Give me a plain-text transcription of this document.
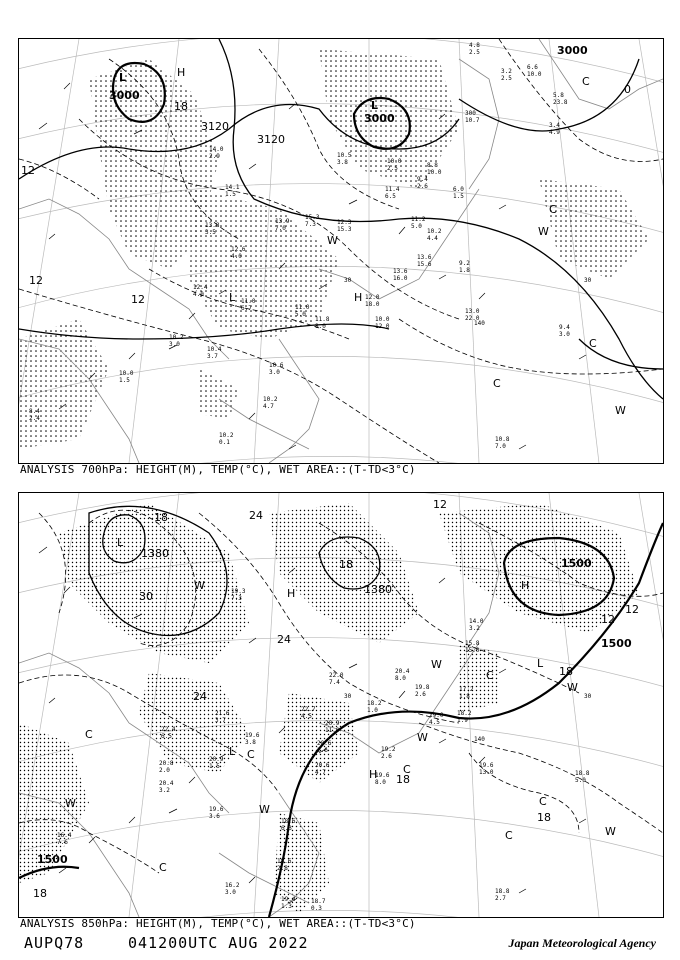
140
30	30
3000
3000
3000
3120
3120
12
12
18
0
12
L	H
L
L	H
W
C
W
C
C
W
C
13.0
22.0
9.4
3.0
10.8
7.0
10.2
3.0
10.4
3.7
10.6
3.0
10.2
0.1
11.8
8.0
10.0
12.0
12.0
18.0
14.0
2.9
13.9
7.0
15.3
7.3	12.3
15.3
10.5
3.8
11.4
6.5
9.4
2.6
10.2
4.4
11.2
5.0
13.6
16.0
6.6
10.0
5.8
23.8
3.4
4.9
4.8
2.5
3.2
2.5
9.2
1.8
10.0
2.5	8.8
10.0
13.8
3.5
12.6
4.0
11.0
6.7	11.0
5.0
10.0
1.5
8.4
2.4
10.2
4.7
12.4
4.0
13.6
15.6
14.1
1.5
300
10.7
6.0
1.5
ANALYSIS 700hPa: HEIGHT(M), TEMP(°C), WET AREA::(T-TD<3°C)
140
30	30
1380
1500
1500
1500
1380
30
24
24
18
18
12
18
18
12
18
18	24
12
L
W
H
H
L
L C
C
W
W
H C
W
C
C
C
W	W
W
C
18.8
2.7
18.8
5.0
19.6
13.0
19.2
2.6
19.6
8.0
20.6
4.7
20.9
11.0
20.6
2.6
18.2
1.0
19.0
4.5
18.2
1.9
17.2
1.8
14.0
3.2
15.8
15.0
20.4
8.0
19.8
2.6
22.7
4.5
22.0
7.4
19.6
3.6
20.4
3.2
22.4
6.5
21.6
3.7
20.9
1.5
19.6
3.8
18.6
2.8
18.7
0.3
16.4
7.6
20.8
2.0
18.6
6.3
16.2
3.0
19.4
1.3
19.3
7.3
ANALYSIS 850hPa: HEIGHT(M), TEMP(°C), WET AREA::(T-TD<3°C)
AUPQ78	041200UTC AUG 2022	Japan Meteorological Agency
